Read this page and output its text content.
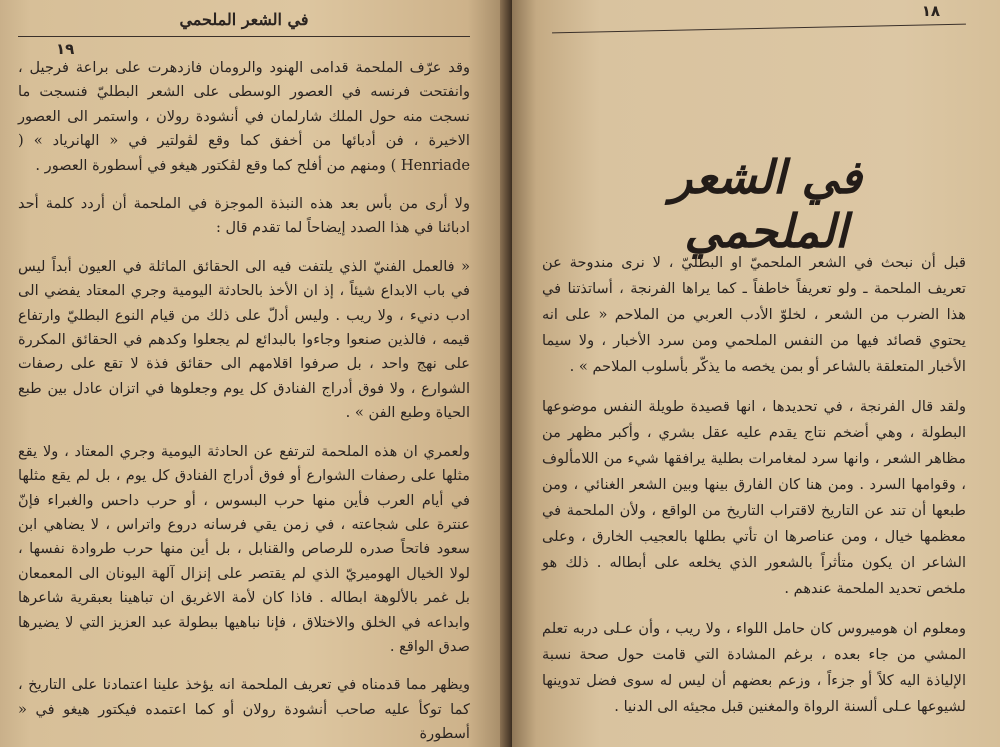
في الشعر الملحمي
١٩

وقد عرّف الملحمة قدامى الهنود والرومان فازدهرت على براعة فرجيل ، وانفتحت فرنسه في العصور الوسطى على الشعر البطليّ فنسجت ما نسجت منه حول الملك شارلمان في أنشودة رولان ، واستمر الى العصور الاخيرة ، فن أدبائها من أخفق كما وقع لڤولتير في « الهانرياد » ( Henriade ) ومنهم من أفلح كما وقع لڤكتور هيغو في أسطورة العصور .

ولا أرى من بأس بعد هذه النبذة الموجزة في الملحمة أن أردد كلمة أحد ادبائنا في هذا الصدد إيضاحاً لما تقدم قال :

« فالعمل الفنيّ الذي يلتفت فيه الى الحقائق الماثلة في العيون أبداً ليس في باب الابداع شيئاً ، إذ ان الأخذ بالحادثة اليومية وجري المعتاد يفضي الى ادب دنيء ، ولا ريب . وليس أدلّ على ذلك من قيام النوع البطليّ وارتفاع قيمه ، فالذين صنعوا وجاءوا بالبدائع لم يجعلوا وكدهم في الحقائق المكررة على نهج واحد ، بل صرفوا اقلامهم الى حقائق فذة لا تقع على رصفات الشوارع ، ولا فوق أدراج الفنادق كل يوم وجعلوها في اتزان عادل بين طبع الحياة وطبع الفن » .

ولعمري ان هذه الملحمة لترتفع عن الحادثة اليومية وجري المعتاد ، ولا يقع مثلها على رصفات الشوارع أو فوق أدراج الفنادق كل يوم ، بل لم يقع مثلها في أيام العرب فأين منها حرب البسوس ، أو حرب داحس والغبراء فإنّ عنترة على شجاعته ، في زمن يقي فرسانه دروع واتراس ، لا يضاهي ابن سعود فاتحاً صدره للرصاص والقنابل ، بل أين منها حرب طروادة نفسها ، لولا الخيال الهوميريّ الذي لم يقتصر على إنزال آلهة اليونان الى المعمعان بل غمر بالألوهة ابطاله . فاذا كان لأمة الاغريق ان تباهينا بعبقرية شاعرها وابداعه في الخلق والاختلاق ، فإنا نباهيها ببطولة عبد العزيز التي لا يضيرها صدق الواقع .

ويظهر مما قدمناه في تعريف الملحمة انه يؤخذ علينا اعتمادنا على التاريخ ، كما توكأ عليه صاحب أنشودة رولان أو كما اعتمده فيكتور هيغو في « أسطورة

١٨
في الشعر الملحمي

قبل أن نبحث في الشعر الملحميّ او البطليّ ، لا نرى مندوحة عن تعريف الملحمة ـ ولو تعريفاً خاطفاً ـ كما يراها الفرنجة ، أساتذتنا في هذا الضرب من الشعر ، لخلوّ الأدب العربي من الملاحم « على انه يحتوي قصائد فيها من النفس الملحمي ومن سرد الأخبار ، ولا سيما الأخبار المتعلقة بالشاعر أو بمن يخصه ما يذكّر بأسلوب الملاحم » .

ولقد قال الفرنجة ، في تحديدها ، انها قصيدة طويلة النفس موضوعها البطولة ، وهي أضخم نتاج يقدم عليه عقل بشري ، وأكبر مظهر من مظاهر الشعر ، وانها سرد لمغامرات بطلية يرافقها شيء من اللامألوف ، وقوامها السرد . ومن هنا كان الفارق بينها وبين الشعر الغنائي ، ومن طبعها أن تند عن التاريخ لاقتراب التاريخ من الواقع ، ولأن الملحمة في معظمها خيال ، ومن عناصرها ان تأتي بطلها بالعجيب الخارق ، وعلى الشاعر ان يكون متأثراً بالشعور الذي يخلعه على أبطاله . ذلك هو ملخص تحديد الملحمة عندهم .

ومعلوم ان هوميروس كان حامل اللواء ، ولا ريب ، وأن عـلى دربه تعلم المشي من جاء بعده ، برغم المشادة التي قامت حول صحة نسبة الإلياذة اليه كلاً أو جزءاً ، وزعم بعضهم أن ليس له سوى فضل تدوينها لشيوعها عـلى ألسنة الرواة والمغنين قبل مجيئه الى الدنيا .
